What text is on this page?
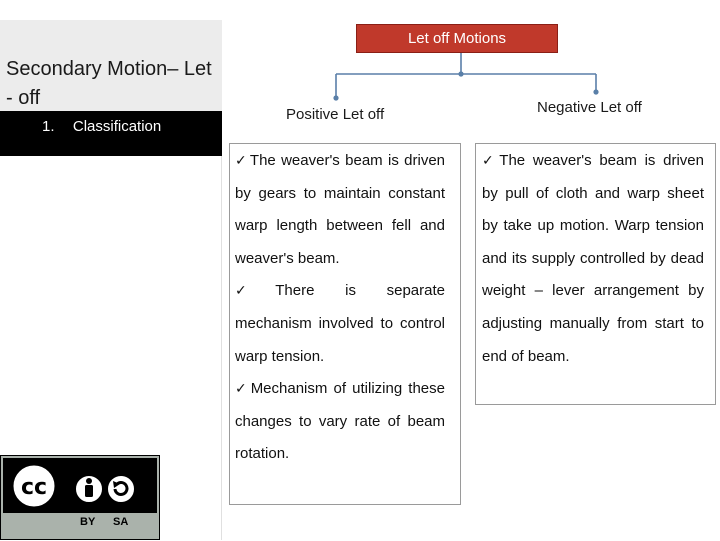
Secondary Motion– Let - off
1. Classification
Let off Motions
Positive Let off	Negative Let off

✓ The weaver's beam is driven by gears to maintain constant warp length between fell and weaver's beam.

✓ There is separate mechanism involved to control warp tension.

✓ Mechanism of utilizing these changes to vary rate of beam rotation.

✓ The weaver's beam is driven by pull of cloth and warp sheet by take up motion. Warp tension and its supply controlled by dead weight – lever arrangement by adjusting manually from start to end of beam.

cc
BY SA
